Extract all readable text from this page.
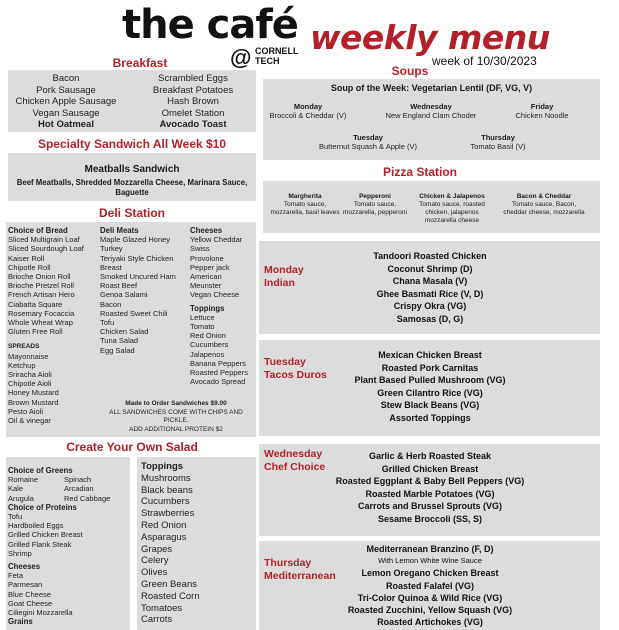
the café
@ CORNELL
TECH
weekly menu
week of 10/30/2023
Breakfast
Bacon
Pork Sausage
Chicken Apple Sausage
Vegan Sausage
Hot Oatmeal
Scrambled Eggs
Breakfast Potatoes
Hash Brown
Omelet Station
Avocado Toast
Specialty Sandwich All Week $10
Meatballs Sandwich
Beef Meatballs, Shredded Mozzarella Cheese, Marinara Sauce, Baguette
Deli Station
Choice of Bread
Sliced Multigrain Loaf
Sliced Sourdough Loaf
Kaiser Roll
Chipotle Roll
Brioche Onion Roll
Brioche Pretzel Roll
French Artisan Hero
Ciabatta Square
Rosemary Focaccia
Whole Wheat Wrap
Gluten Free Roll
SPREADS
Mayonnaise
Ketchup
Sriracha Aioli
Chipotle Aioli
Honey Mustard
Brown Mustard
Pesto Aioli
Oil & vinegar
Deli Meats
Maple Glazed Honey
Turkey
Teriyaki Style Chicken
Breast
Smoked Uncured Ham
Roast Beef
Genoa Salami
Bacon
Roasted Sweet Chili
Tofu
Chicken Salad
Tuna Salad
Egg Salad
Cheeses
Yellow Cheddar
Swiss
Provolone
Pepper jack
American
Meunster
Vegan Cheese
Toppings
Lettuce
Tomato
Red Onion
Cucumbers
Jalapenos
Banana Peppers
Roasted Peppers
Avocado Spread
Made to Order Sandwiches $9.00
ALL SANDWICHES COME WITH CHIPS AND PICKLE.
ADD ADDITIONAL PROTEIN $2
Create Your Own Salad
Choice of Greens
Romaine
Kale
Arugula
Spinach
Arcadian
Red Cabbage
Choice of Proteins
Tofu
Hardboiled Eggs
Grilled Chicken Breast
Grilled Flank Steak
Shrimp
Cheeses
Feta
Parmesan
Blue Cheese
Goat Cheese
Ciliegini Mozzarella
Grains
Toppings
Mushrooms
Black beans
Cucumbers
Strawberries
Red Onion
Asparagus
Grapes
Celery
Olives
Green Beans
Roasted Corn
Tomatoes
Carrots
Soups
Soup of the Week: Vegetarian Lentil (DF, VG, V)
Monday
Broccoli & Cheddar (V)
Wednesday
New England Clam Choder
Friday
Chicken Noodle
Tuesday
Butternut Squash & Apple (V)
Thursday
Tomato Basil (V)
Pizza Station
Margherita
Tomato sauce, mozzarella, basil leaves
Pepperoni
Tomato sauce, mozzarella, pepperoni
Chicken & Jalapenos
Tomato sauce, roasted chicken, jalapenos mozzarella cheese
Bacon & Cheddar
Tomato sauce, Bacon, cheddar cheese, mozzarella
Monday
Indian
Tandoori Roasted Chicken
Coconut Shrimp (D)
Chana Masala (V)
Ghee Basmati Rice (V, D)
Crispy Okra (VG)
Samosas (D, G)
Tuesday
Tacos Duros
Mexican Chicken Breast
Roasted Pork Carnitas
Plant Based Pulled Mushroom (VG)
Green Cilantro Rice (VG)
Stew Black Beans (VG)
Assorted Toppings
Wednesday
Chef Choice
Garlic & Herb Roasted Steak
Grilled Chicken Breast
Roasted Eggplant & Baby Bell Peppers (VG)
Roasted Marble Potatoes (VG)
Carrots and Brussel Sprouts (VG)
Sesame Broccoli (SS, S)
Thursday
Mediterranean
Mediterranean Branzino (F, D)
With Lemon White Wine Sauce
Lemon Oregano Chicken Breast
Roasted Falafel (VG)
Tri-Color Quinoa & Wild Rice (VG)
Roasted Zucchini, Yellow Squash (VG)
Roasted Artichokes (VG)
